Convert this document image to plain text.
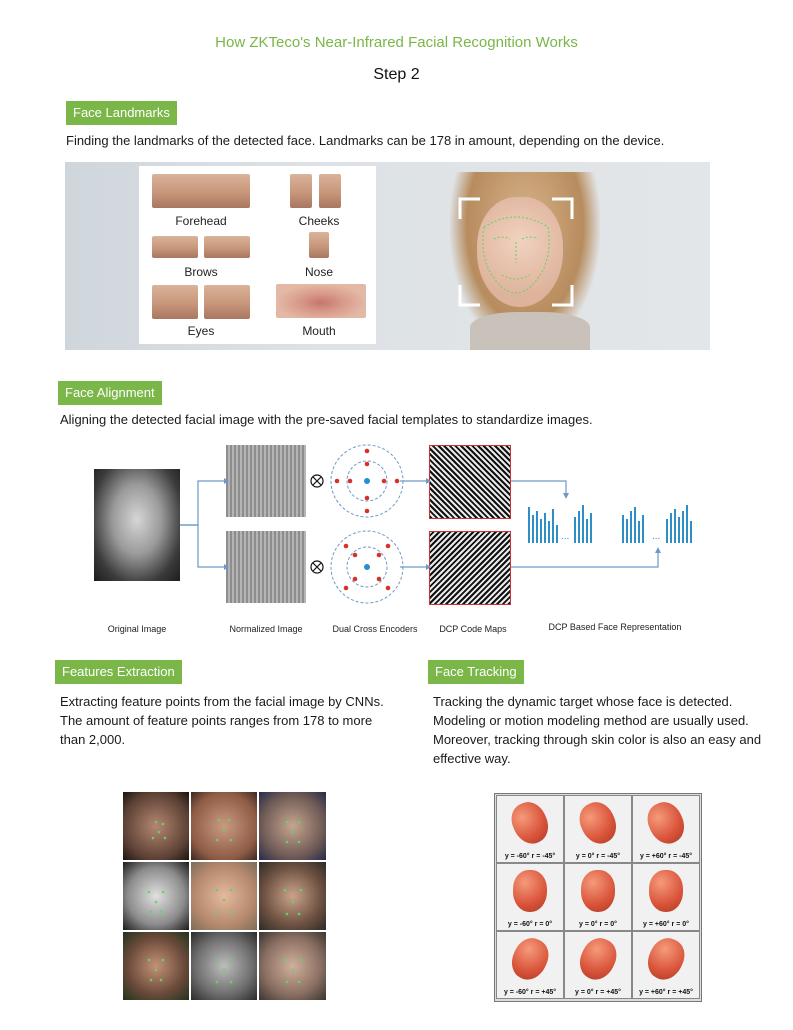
How ZKTeco's Near-Infrared Facial Recognition Works
Step 2
Face Landmarks
Finding the landmarks of the detected face. Landmarks can be 178 in amount, depending on the device.
Forehead	Cheeks
Brows	Nose
Eyes	Mouth
Face Alignment
Aligning the detected facial image with the pre-saved facial templates to standardize images.
...	...
Original Image	Normalized Image	Dual Cross Encoders	DCP Code Maps	DCP Based Face Representation
Features Extraction
Extracting feature points from the facial image by CNNs. The amount of feature points ranges from 178 to more than 2,000.
Face Tracking
Tracking the dynamic target whose face is detected. Modeling or motion modeling method are usually used. Moreover, tracking through skin color is also an easy and effective way.
y = -60° r = -45°	y = 0° r = -45°	y = +60° r = -45°
y = -60° r = 0°	y = 0° r = 0°	y = +60° r = 0°
y = -60° r = +45°	y = 0° r = +45°	y = +60° r = +45°
